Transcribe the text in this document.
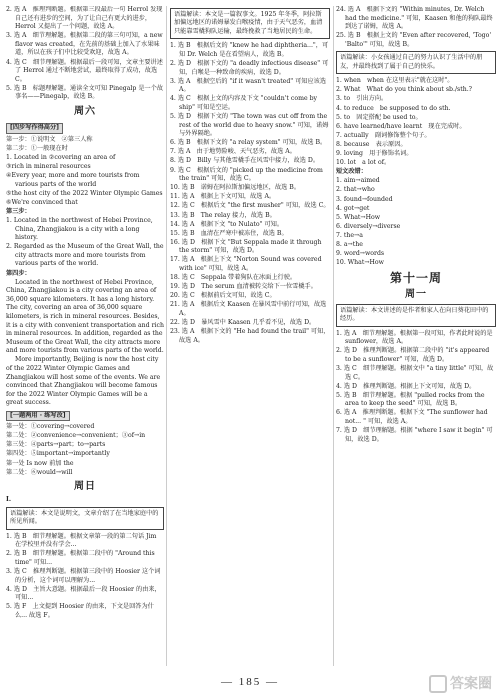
2. 选 A　推理判断题。根据第三段最后一句 Herrol 发现自己还有进步的空间，为了让自己有更大的进步，Herrol 又提出了一个问题，故选 A。

3. 选 A　细节理解题。根据第二段的第三句可知，a new flavor was created，在先前的基础上加入了水果味道，所以在孩子们中比较受欢迎，故选 A。

4. 选 C　细节理解题。根据最后一段可知，文章主要讲述了 Herrol 通过不断地尝试，最终取得了成功，故选 C。

5. 选 B　标题理解题。通读全文可知 Pinegalp 是一个故事名——Pinegalp，故选 B。

周六
[四步写作得高分]

第一步：①说明文　②第三人称

第二步：①一般现在时

1. Located in ②covering an area of

③rich in mineral resources

④Every year, more and more tourists from various parts of the world

⑤the host city of the 2022 Winter Olympic Games

⑥We're convinced that

第三步：

1. Located in the northwest of Hebei Province, China, Zhangjiakou is a city with a long history.

2. Regarded as the Museum of the Great Wall, the city attracts more and more tourists from various parts of the world.

第四步：

Located in the northwest of Hebei Province, China, Zhangjiakou is a city covering an area of 36,000 square kilometers. It has a long history. The city, covering an area of 36,000 square kilometers, is rich in mineral resources. Besides, it is a city with convenient transportation and rich in mineral resources. In addition, regarded as the Museum of the Great Wall, the city attracts more and more tourists from various parts of the world.

More importantly, Beijing is now the host city of the 2022 Winter Olympic Games and Zhangjiakou will host some of the events. We are convinced that Zhangjiakou will become famous for the 2022 Winter Olympic Games will be a great success.

[一题两用 · 练写改]

第一处：①covering→covered

第二处：②convenience→convenient；③of→in

第三处：④parts→part；to→parts

第四处：⑤important→importantly

第一处 Is now 前加 the

第二处：⑥would→will

周日

I.

语篇解读：本文是说明文，文章介绍了在当地家庭中的所见所闻。

1. 选 B　细节理解题。根据文章第一段的第二句话 Jim 在学校里并没有学会...

2. 选 B　细节理解题。根据第二段中的 "Around this time" 可知...

3. 选 C　推理判断题。根据第三段中的 Hoosier 这个词的分析，这个词可以理解为...

4. 选 D　主旨大意题。根据最后一段 Hoosier 的由来，可知...

5. 选 F　上文提到 Hoosier 的由来，下文是回答为什么... 故选 F。

语篇解读：本文是一篇叙事文。1925 年冬季，阿拉斯加偏远地区的诺姆暴发白喉疫情，由于天气恶劣，血清只能靠雪橇狗队运输，最终挽救了当地居民的生命。

1. 选 B　根据后文的 "knew he had diphtheria..."，可知 Dr. Welch 是在看望病人，故选 B。

2. 选 D　根据下文的 "a deadly infectious disease" 可知，白喉是一种致命的疾病，故选 D。

3. 选 A　根据空后的 "if it wasn't treated" 可知应该选 A。

4. 选 C　根据上文的内容及下文 "couldn't come by ship" 可知是空运。

5. 选 D　根据下文的 "The town was cut off from the rest of the world due to heavy snow." 可知，诺姆与外界隔绝。

6. 选 B　根据下文的 "a relay system" 可知，故选 B。

7. 选 A　由于地势险峻、天气恶劣，故选 A。

8. 选 D　Billy 与其他雪橇手在风雪中接力，故选 D。

9. 选 C　根据后文的 "picked up the medicine from the train" 可知，故选 C。

10. 选 B　诺姆在阿拉斯加偏远地区，故选 B。

11. 选 A　根据上下文可知，故选 A。

12. 选 C　根据后文 "the first musher" 可知，故选 C。

13. 选 B　The relay 接力，故选 B。

14. 选 A　根据下文 "to Nulato" 可知。

15. 选 B　血清在严寒中被冻住，故选 B。

16. 选 D　根据下文 "But Seppala made it through the storm" 可知，故选 D。

17. 选 A　根据上下文 "Norton Sound was covered with ice" 可知，故选 A。

18. 选 C　Seppala 带着狗队在冰面上行驶。

19. 选 D　The serum 血清被转交给下一位雪橇手。

20. 选 C　根据前后文可知，故选 C。

21. 选 A　根据后文 Kaasen 在暴风雪中前行可知，故选 A。

22. 选 D　暴风雪中 Kaasen 几乎看不见，故选 D。

23. 选 A　根据下文的 "He had found the trail" 可知，故选 A。

24. 选 A　根据下文的 "Within minutes, Dr. Welch had the medicine." 可知，Kaasen 和他的狗队最终到达了诺姆，故选 A。

25. 选 B　根据上文的 "Even after recovered, 'Togo' 'Balto'" 可知，故选 B。

语篇解读：小女孩通过自己的努力认识了生活中的朋友，并最终找到了属于自己的快乐。

1. when　when 在这里表示"就在这时"。

2. What　What do you think about sb./sth.?

3. to　引出方向。

4. to reduce　be supposed to do sth.

5. to　固定搭配 be used to。

6. have learned/have learnt　现在完成时。

7. actually　副词修饰整个句子。

8. because　表示原因。

9. loving　用于修饰名词。

10. lot　a lot of。

短文改错：

1. aim→aimed

2. that→who

3. found→founded

4. got→get

5. What→How

6. diversely→diverse

7. the→a

8. a→the

9. word→words

10. What→How

第十一周
周一
语篇解读：本文讲述的是作者和家人在向日葵花田中的经历。

1. 选 A　细节理解题。根据第一段可知，作者此时说的是 sunflower，故选 A。

2. 选 D　推理判断题。根据第二段中的 "it's appeared to be a sunflower" 可知，故选 D。

3. 选 C　细节理解题。根据文中 "a tiny little" 可知，故选 C。

4. 选 D　推理判断题。根据上下文可知，故选 D。

5. 选 B　细节理解题。根据 "pulled rocks from the area to keep the seed" 可知，故选 B。

6. 选 A　推理判断题。根据下文 "The sunflower had not... " 可知，故选 A。

7. 选 D　细节理解题。根据 "where I saw it begin" 可知，故选 D。

— 185 —	答案圈
